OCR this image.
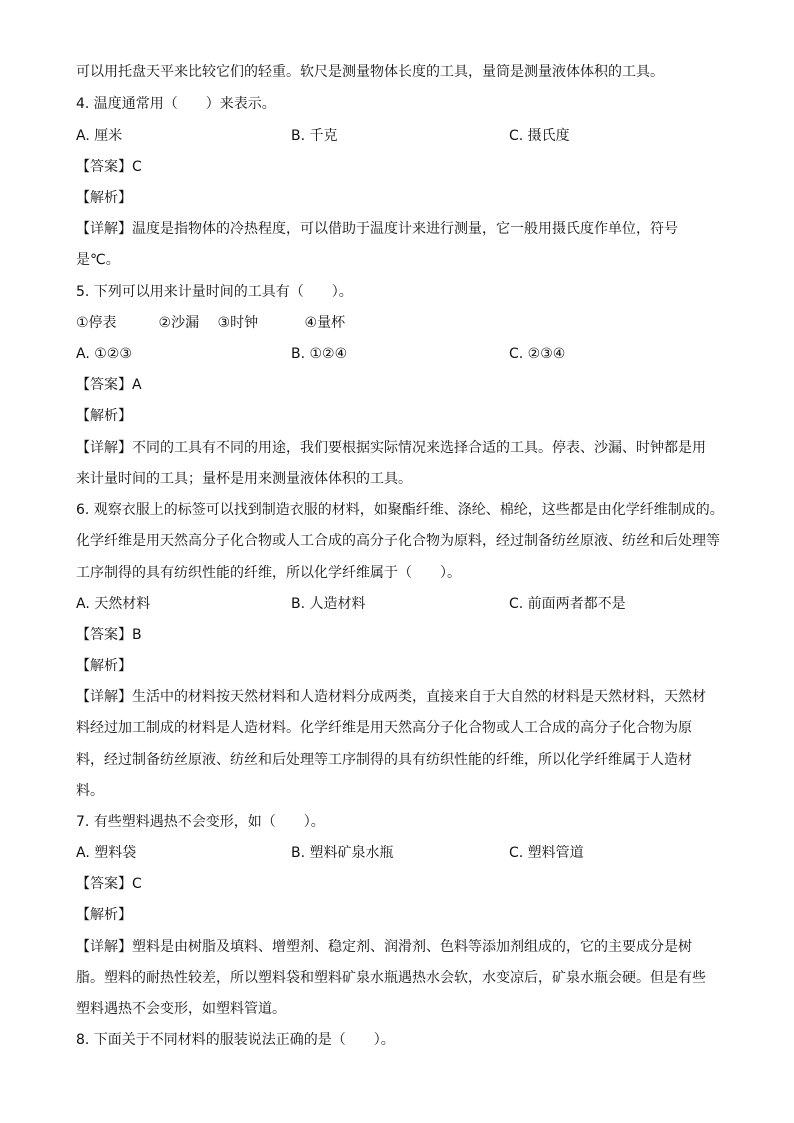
可以用托盘天平来比较它们的轻重。软尺是测量物体长度的工具，量筒是测量液体体积的工具。
4. 温度通常用（　　）来表示。
A. 厘米	B. 千克	C. 摄氏度
【答案】C
【解析】
【详解】温度是指物体的冷热程度，可以借助于温度计来进行测量，它一般用摄氏度作单位，符号
是℃。
5. 下列可以用来计量时间的工具有（　　）。
①停表　　　②沙漏　 ③时钟　　　 ④量杯
A. ①②③	B. ①②④	C. ②③④
【答案】A
【解析】
【详解】不同的工具有不同的用途，我们要根据实际情况来选择合适的工具。停表、沙漏、时钟都是用
来计量时间的工具；量杯是用来测量液体体积的工具。
6. 观察衣服上的标签可以找到制造衣服的材料，如聚酯纤维、涤纶、棉纶，这些都是由化学纤维制成的。
化学纤维是用天然高分子化合物或人工合成的高分子化合物为原料，经过制备纺丝原液、纺丝和后处理等
工序制得的具有纺织性能的纤维，所以化学纤维属于（　　）。
A. 天然材料	B. 人造材料	C. 前面两者都不是
【答案】B
【解析】
【详解】生活中的材料按天然材料和人造材料分成两类，直接来自于大自然的材料是天然材料，天然材
料经过加工制成的材料是人造材料。化学纤维是用天然高分子化合物或人工合成的高分子化合物为原
料，经过制备纺丝原液、纺丝和后处理等工序制得的具有纺织性能的纤维，所以化学纤维属于人造材
料。
7. 有些塑料遇热不会变形，如（　　）。
A. 塑料袋	B. 塑料矿泉水瓶	C. 塑料管道
【答案】C
【解析】
【详解】塑料是由树脂及填料、增塑剂、稳定剂、润滑剂、色料等添加剂组成的，它的主要成分是树
脂。塑料的耐热性较差，所以塑料袋和塑料矿泉水瓶遇热水会软，水变凉后，矿泉水瓶会硬。但是有些
塑料遇热不会变形，如塑料管道。
8. 下面关于不同材料的服装说法正确的是（　　）。
